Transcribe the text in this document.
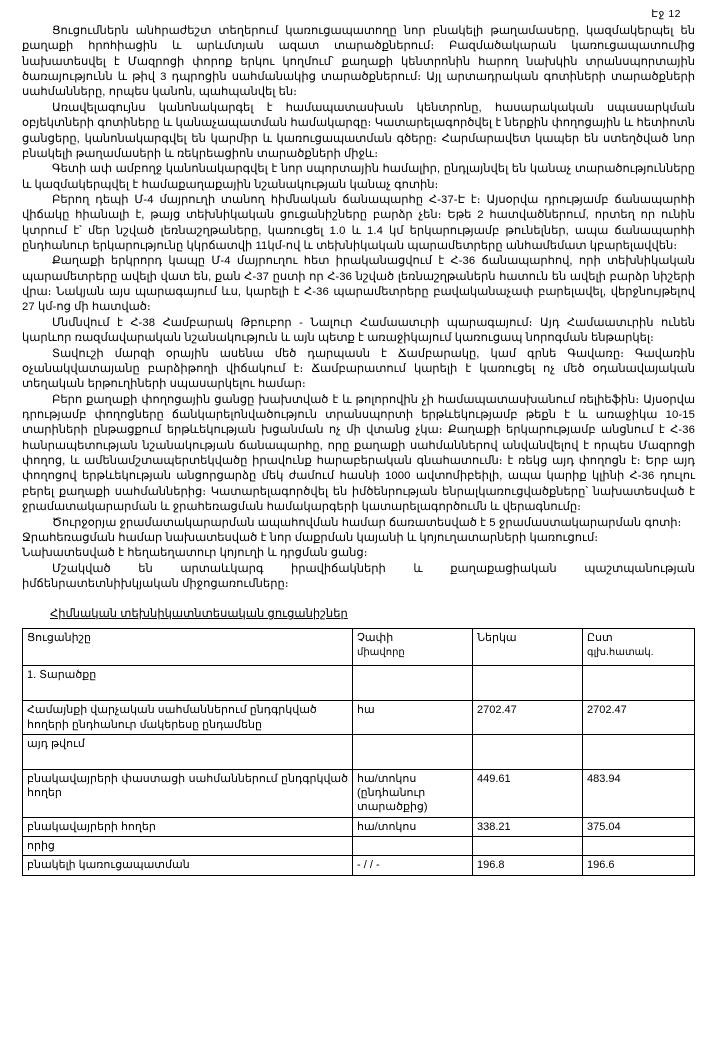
Էջ 12

Ցուցումներն անհրաժեշտ տեղերում կառուցապատողը նոր բնակելի թաղամասերը, կազմակերպել են քաղաքի հրոհիացին և արևմտյան ազատ տարածքներում։ Բազմածակարան կառուցապատումից նախատեսվել է Մազրոցի փորոք երկու կողմում՝ քաղաքի կենտրոնին հարող նախկին տրանսպորտային ծառայությունն և թիվ 3 դպրոցին սահմանակից տարածքներում։ Այլ արտադրական գոտիների տարածքների սահմանները, որպես կանոն, պահպանվել են։

Առավելագույնս կանոնակարգել է համապատասխան կենտրոնը, հասարակական սպասարկման օբյեկտների գոտիները և կանաչապատման համակարգը։ Կատարելագործվել է ներքին փողոցային և հետիոտն ցանցերը, կանոնակարգվել են կարմիր և կառուցապատման գծերը։ Հարմարավետ կապեր են ստեղծված նոր բնակելի թաղամասերի և ռեկրեացիոն տարածքների միջև։

Գետի ափ ամբողջ կանոնակարգվել է նոր սպորտային համալիր, ընդլայնվել են կանաչ տարածությունները և կազմակերպվել է համաքաղաքային նշանակության կանաչ գոտին։

Բերող դեպի Մ-4 մայրուղի տանող հիմնական ճանապարհը Հ-37-Է է։ Այսօրվա դրությամբ ճանապարհի վիճակը հիանալի է, թայց տեխնիկական ցուցանիշները բարձր չեն։ Եթե 2 հատվածներում, որտեղ որ ունին կտրում է՝ մեր նշված լեռնաշղթաները, կառուցել 1.0 և 1.4 կմ երկարությամբ թունելներ, ապա ճանապարհի ընդհանուր երկարությունը կկրճատվի 11կմ-ով և տեխնիկական պարամետրերը անհամեմատ կբարելավվեն։

Քաղաքի երկրորդ կապը Մ-4 մայրուղու հետ իրականացվում է Հ-36 ճանապարհով, որի տեխնիկական պարամետրերը ավելի վատ են, քան Հ-37 ըստի որ Հ-36 նշված լեռնաշղթաներն հատուն են ավելի բարձր նիշերի վրա։ Նակյան այս պարագայում ևս, կարելի է Հ-36 պարամետրերը բավականաչափ բարելավել, վերջնույթելով 27 կմ-ոց մի հատված։

Մնմնվում է Հ-38 Համբարակ Թբուբոր - Նալուր Համաատւրի պարագայում։ Այդ Համաատւրին ունեն կարևոր ռազմավարական նշանակություն և այն պետք է առաջիկայում կառուցապ նորոգման ենթարկել։

Տավուշի մարզի օրային ասենա մեծ դարպասն է Ճամբարակը, կամ գրնե Գավառը։ Գավառին օչանակվատայանը բարձիթողի վիճակում է։ Ճամբարատում կարելի է կառուցել ոչ մեծ օդանավայական տեղական երթուղիների սպասարկելու համար։

Բերո քաղաքի փողոցային ցանցը խախտված է և թոլորովին չի համապատասխանում ռելիեֆին։ Այսօրվա դրությամբ փողոցները ճանկարելոնվածություն տրանսպորտի երթևեկությամբ թեքն է և առաջիկա 10-15 տարիների ընթացքում երթևեկության խցանման ոչ մի վտանց չկա։ Քաղաքի երկարությամբ անցնում է Հ-36 հանրապետության նշանակության ճանապարհը, որը քաղաքի սահմաններով անվանվելով է որպես Մազրոցի փողոց, և ամենամշտապերտեկվածը իրավունք հարաբերական գնահատումն։ է ռեկց այդ փողոցն է։ Երբ այդ փողոցով երթևեկության անցորցարձը մեկ ժամում հասնի 1000 ավտոմիբեիլի, ապա կարիք կլինի Հ-36 դուլու բերել քաղաքի սահմաններից։ Կատարելագործվել են իմծենրության ենրալկառուցվածքները՝ նախատեսված է ջրամատակարարման և ջրահեռացման համակարգերի կատարելագործումն և վերագնումը։

Ծուրջօրյա ջրամատակարարման ապահովման համար ճառատեսված է 5 ջրամաստակարարման գոտի։

Ջրահեռացման համար նախատեսված է նոր մաքրման կայանի և կոյուղատարների կառուցում։

Նախատեսված է հեղաեղատուր կոյուղի և դրցման ցանց։

Մշակված են արտաևկարգ իրավիճակների և քաղաքացիական պաշտպանության իմճենրատետնիխկյական միջոցառումները։

Հիմնական տեխնիկատնտեսական ցուցանիշներ
Ցուցանիշը	Չափի
միավորը
	Ներկա	Ըստ
գլխ.հատակ.

1. Տարածքը			
Համայնքի վարչական սահմաններում ընդգրկված հողերի ընդհանուր մակերեսը ընդամենը	հա	2702.47	2702.47
այդ թվում			
բնակավայրերի փաստացի սահմաններում ընդգրկված հողեր	հա/տոկոս (ընդհանուր տարածքից)	449.61	483.94
բնակավայրերի հողեր	հա/տոկոս	338.21	375.04
որից			
բնակելի կառուցապատման	- / / -	196.8	196.6
